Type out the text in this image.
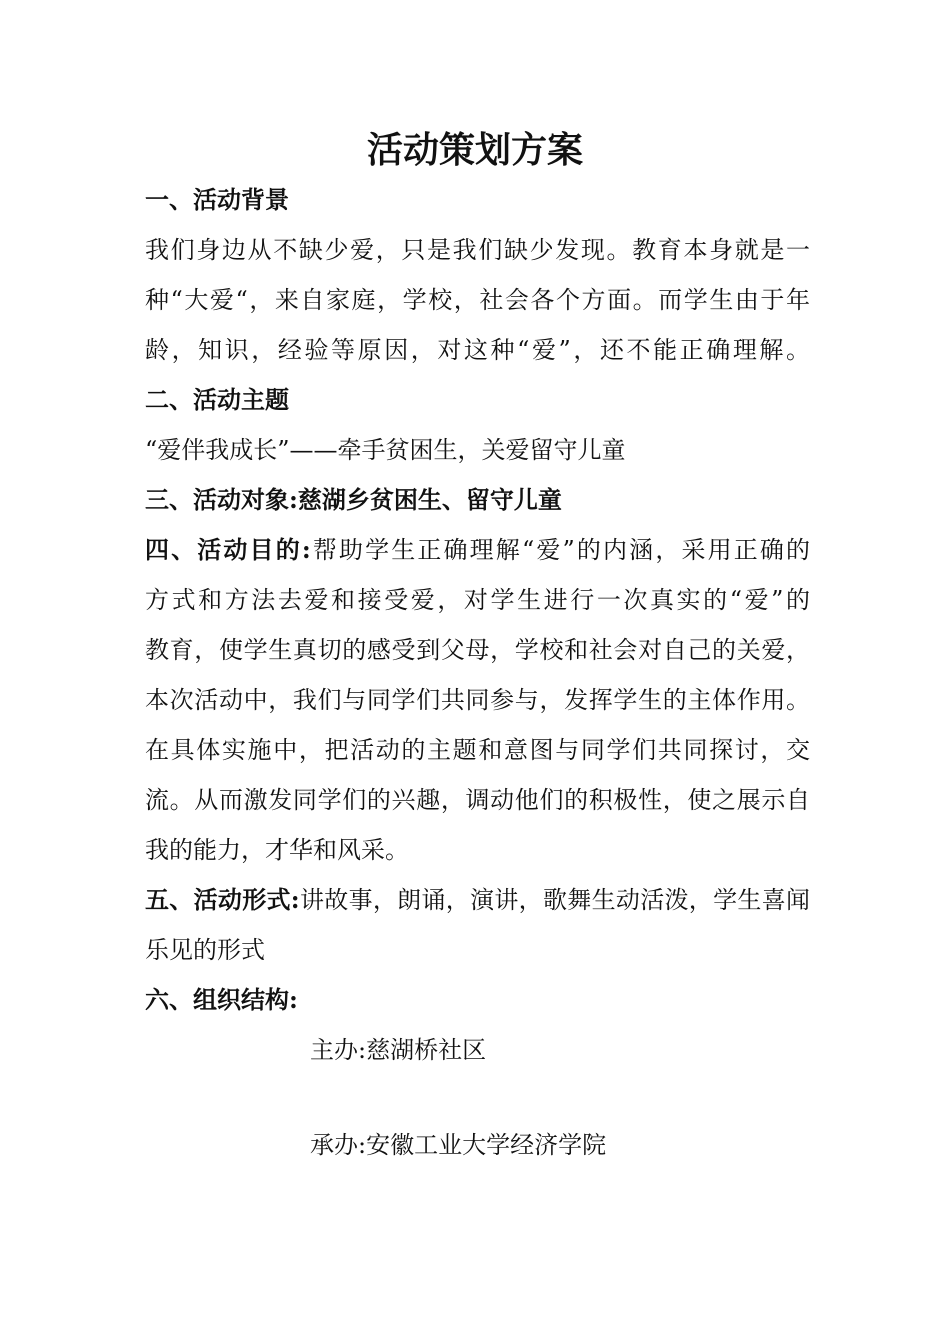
活动策划方案
一、活动背景
我们身边从不缺少爱，只是我们缺少发现。教育本身就是一
种“大爱“，来自家庭，学校，社会各个方面。而学生由于年
龄，知识，经验等原因，对这种“爱”，还不能正确理解。
二、活动主题
“爱伴我成长”——牵手贫困生，关爱留守儿童
三、活动对象:慈湖乡贫困生、留守儿童
四、活动目的:帮助学生正确理解“爱”的内涵，采用正确的
方式和方法去爱和接受爱，对学生进行一次真实的“爱”的
教育，使学生真切的感受到父母，学校和社会对自己的关爱，
本次活动中，我们与同学们共同参与，发挥学生的主体作用。
在具体实施中，把活动的主题和意图与同学们共同探讨，交
流。从而激发同学们的兴趣，调动他们的积极性，使之展示自
我的能力，才华和风采。
五、活动形式:讲故事，朗诵，演讲，歌舞生动活泼，学生喜闻
乐见的形式
六、组织结构:
主办:慈湖桥社区
承办:安徽工业大学经济学院
